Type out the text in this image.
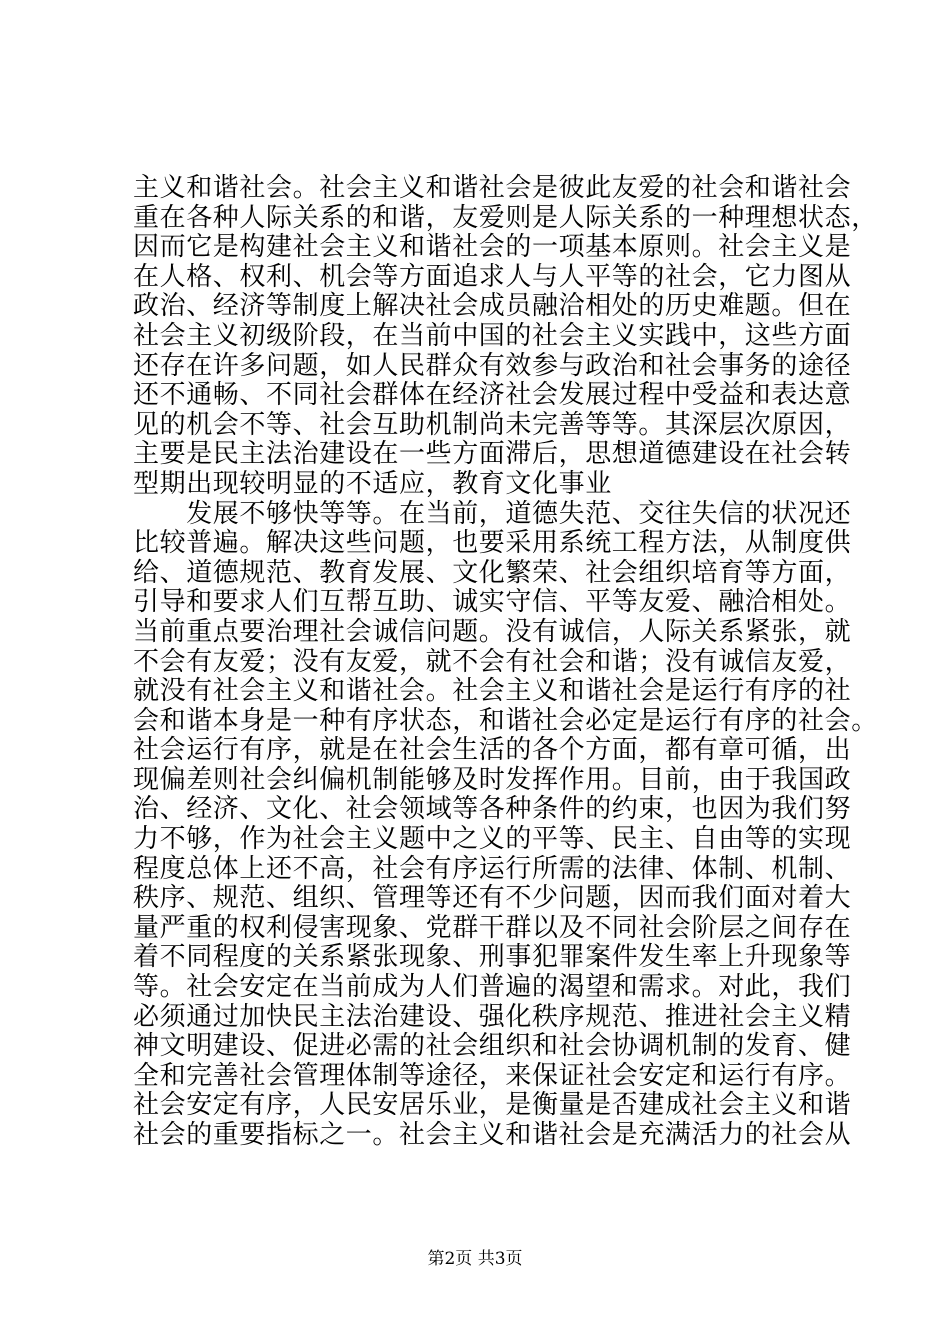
主义和谐社会。社会主义和谐社会是彼此友爱的社会和谐社会
重在各种人际关系的和谐，友爱则是人际关系的一种理想状态，
因而它是构建社会主义和谐社会的一项基本原则。社会主义是
在人格、权利、机会等方面追求人与人平等的社会，它力图从
政治、经济等制度上解决社会成员融洽相处的历史难题。但在
社会主义初级阶段，在当前中国的社会主义实践中，这些方面
还存在许多问题，如人民群众有效参与政治和社会事务的途径
还不通畅、不同社会群体在经济社会发展过程中受益和表达意
见的机会不等、社会互助机制尚未完善等等。其深层次原因，
主要是民主法治建设在一些方面滞后，思想道德建设在社会转
型期出现较明显的不适应，教育文化事业
　　发展不够快等等。在当前，道德失范、交往失信的状况还
比较普遍。解决这些问题，也要采用系统工程方法，从制度供
给、道德规范、教育发展、文化繁荣、社会组织培育等方面，
引导和要求人们互帮互助、诚实守信、平等友爱、融洽相处。
当前重点要治理社会诚信问题。没有诚信，人际关系紧张，就
不会有友爱；没有友爱，就不会有社会和谐；没有诚信友爱，
就没有社会主义和谐社会。社会主义和谐社会是运行有序的社
会和谐本身是一种有序状态，和谐社会必定是运行有序的社会。
社会运行有序，就是在社会生活的各个方面，都有章可循，出
现偏差则社会纠偏机制能够及时发挥作用。目前，由于我国政
治、经济、文化、社会领域等各种条件的约束，也因为我们努
力不够，作为社会主义题中之义的平等、民主、自由等的实现
程度总体上还不高，社会有序运行所需的法律、体制、机制、
秩序、规范、组织、管理等还有不少问题，因而我们面对着大
量严重的权利侵害现象、党群干群以及不同社会阶层之间存在
着不同程度的关系紧张现象、刑事犯罪案件发生率上升现象等
等。社会安定在当前成为人们普遍的渴望和需求。对此，我们
必须通过加快民主法治建设、强化秩序规范、推进社会主义精
神文明建设、促进必需的社会组织和社会协调机制的发育、健
全和完善社会管理体制等途径，来保证社会安定和运行有序。
社会安定有序，人民安居乐业，是衡量是否建成社会主义和谐
社会的重要指标之一。社会主义和谐社会是充满活力的社会从
第2页 共3页
